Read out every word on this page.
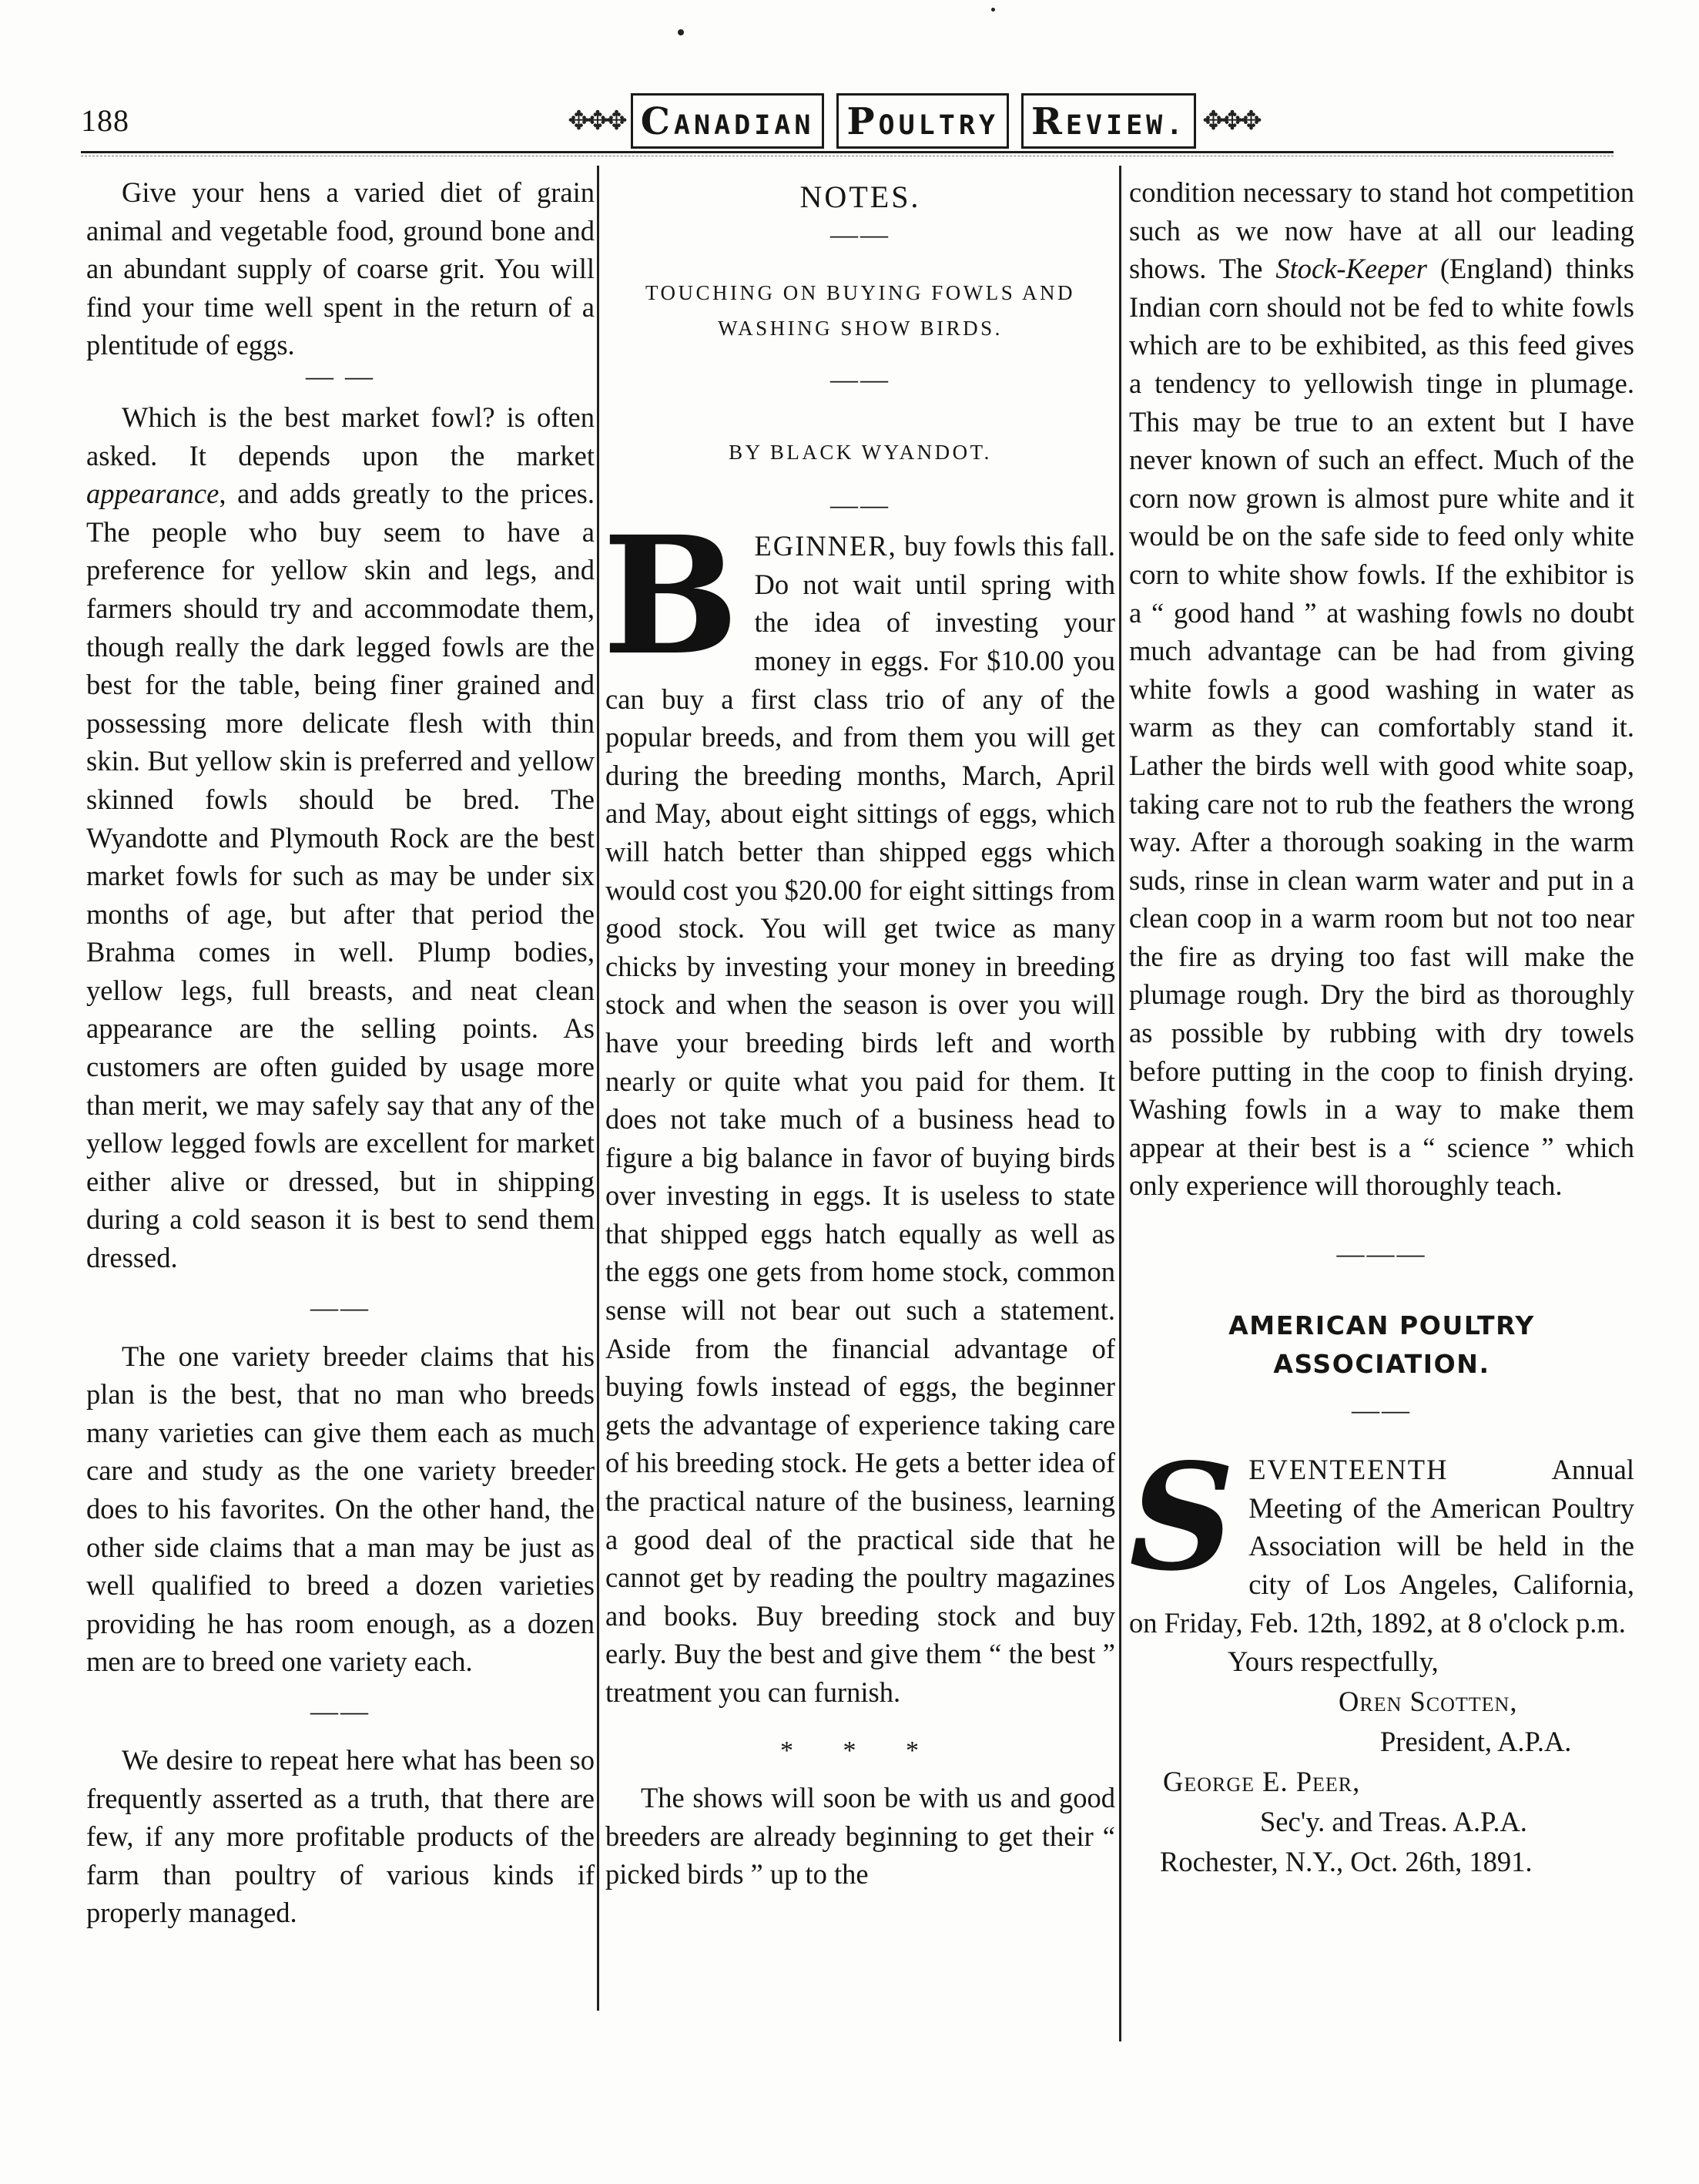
188	✥✥✥ CANADIAN POULTRY REVIEW. ✥✥✥

Give your hens a varied diet of grain animal and vegetable food, ground bone and an abundant supply of coarse grit. You will find your time well spent in the return of a plentitude of eggs.

— —

Which is the best market fowl? is often asked. It depends upon the market appearance, and adds greatly to the prices. The people who buy seem to have a preference for yellow skin and legs, and farmers should try and accommodate them, though really the dark legged fowls are the best for the table, being finer grained and possessing more delicate flesh with thin skin. But yellow skin is preferred and yellow skinned fowls should be bred. The Wyandotte and Plymouth Rock are the best market fowls for such as may be under six months of age, but after that period the Brahma comes in well. Plump bodies, yellow legs, full breasts, and neat clean appearance are the selling points. As customers are often guided by usage more than merit, we may safely say that any of the yellow legged fowls are excellent for market either alive or dressed, but in shipping during a cold season it is best to send them dressed.

——

The one variety breeder claims that his plan is the best, that no man who breeds many varieties can give them each as much care and study as the one variety breeder does to his favorites. On the other hand, the other side claims that a man may be just as well qualified to breed a dozen varieties providing he has room enough, as a dozen men are to breed one variety each.

——

We desire to repeat here what has been so frequently asserted as a truth, that there are few, if any more profitable products of the farm than poultry of various kinds if properly managed.

NOTES.
——
TOUCHING ON BUYING FOWLS AND WASHING SHOW BIRDS.
——
BY BLACK WYANDOT.
——

BEGINNER, buy fowls this fall. Do not wait until spring with the idea of investing your money in eggs. For $10.00 you can buy a first class trio of any of the popular breeds, and from them you will get during the breeding months, March, April and May, about eight sittings of eggs, which will hatch better than shipped eggs which would cost you $20.00 for eight sittings from good stock. You will get twice as many chicks by investing your money in breeding stock and when the season is over you will have your breeding birds left and worth nearly or quite what you paid for them. It does not take much of a business head to figure a big balance in favor of buying birds over investing in eggs. It is useless to state that shipped eggs hatch equally as well as the eggs one gets from home stock, common sense will not bear out such a statement. Aside from the financial advantage of buying fowls instead of eggs, the beginner gets the advantage of experience taking care of his breeding stock. He gets a better idea of the practical nature of the business, learning a good deal of the practical side that he cannot get by reading the poultry magazines and books. Buy breeding stock and buy early. Buy the best and give them “ the best ” treatment you can furnish.

* * *

The shows will soon be with us and good breeders are already beginning to get their “ picked birds ” up to the

condition necessary to stand hot competition such as we now have at all our leading shows. The Stock-Keeper (England) thinks Indian corn should not be fed to white fowls which are to be exhibited, as this feed gives a tendency to yellowish tinge in plumage. This may be true to an extent but I have never known of such an effect. Much of the corn now grown is almost pure white and it would be on the safe side to feed only white corn to white show fowls. If the exhibitor is a “ good hand ” at washing fowls no doubt much advantage can be had from giving white fowls a good washing in water as warm as they can comfortably stand it. Lather the birds well with good white soap, taking care not to rub the feathers the wrong way. After a thorough soaking in the warm suds, rinse in clean warm water and put in a clean coop in a warm room but not too near the fire as drying too fast will make the plumage rough. Dry the bird as thoroughly as possible by rubbing with dry towels before putting in the coop to finish drying. Washing fowls in a way to make them appear at their best is a “ science ” which only experience will thoroughly teach.

———
AMERICAN POULTRY ASSOCIATION.
——

SEVENTEENTH Annual Meeting of the American Poultry Association will be held in the city of Los Angeles, California, on Friday, Feb. 12th, 1892, at 8 o'clock p.m.

Yours respectfully,
Oren Scotten,
President, A.P.A.
George E. Peer,
Sec'y. and Treas. A.P.A.
Rochester, N.Y., Oct. 26th, 1891.
